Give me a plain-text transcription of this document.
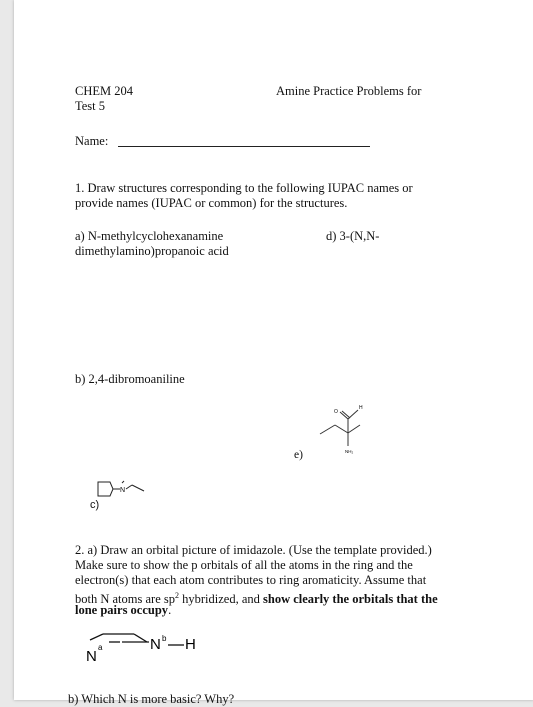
CHEM 204	Amine Practice Problems for
Test 5
Name:
1. Draw structures corresponding to the following IUPAC names or
provide names (IUPAC or common) for the structures.
a) N-methylcyclohexanamine	d) 3-(N,N-
dimethylamino)propanoic acid
b) 2,4-dibromoaniline
O
H
NH₂
e)
c)
N
2. a) Draw an orbital picture of imidazole. (Use the template provided.)
Make sure to show the p orbitals of all the atoms in the ring and the
electron(s) that each atom contributes to ring aromaticity. Assume that
both N atoms are $sp^2$ hybridized, and show clearly the orbitals that the
lone pairs occupy.
N
a	N b H
b) Which N is more basic? Why?
